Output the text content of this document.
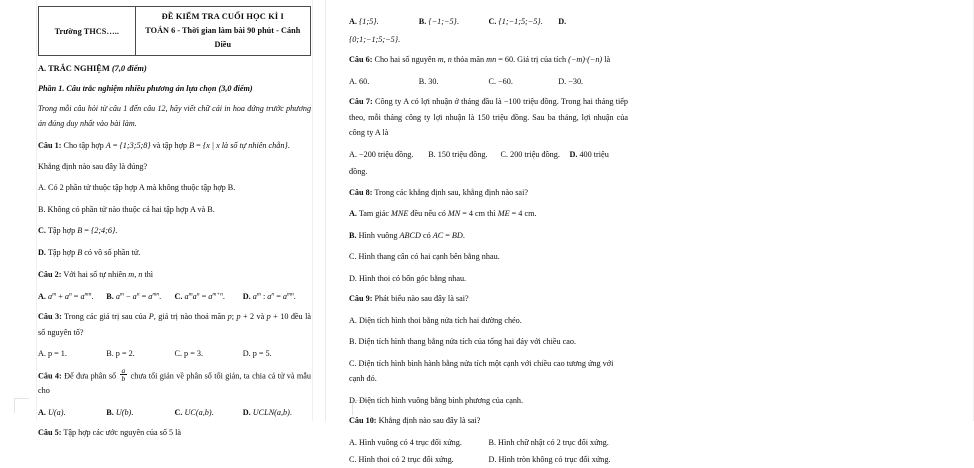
Trường THCS…..	
ĐỀ KIỂM TRA CUỐI HỌC KÌ I
TOÁN 6 - Thời gian làm bài 90 phút - Cánh Diều
A. TRẮC NGHIỆM (7,0 điểm)
Phần 1. Câu trắc nghiệm nhiều phương án lựa chọn (3,0 điểm)
Trong mỗi câu hỏi từ câu 1 đến câu 12, hãy viết chữ cái in hoa đứng trước phương án đúng duy nhất vào bài làm.
Câu 1: Cho tập hợp A = {1;3;5;8} và tập hợp B = {x | x là số tự nhiên chẵn}.
Khẳng định nào sau đây là đúng?
A. Có 2 phần tử thuộc tập hợp A mà không thuộc tập hợp B.
B. Không có phần tử nào thuộc cả hai tập hợp A và B.
C. Tập hợp B = {2;4;6}.
D. Tập hợp B có vô số phần tử.
Câu 2: Với hai số tự nhiên m, n thì
A. $a^m + a^n = a^{mn}$.	B. $a^m - a^n = a^{mn}$.	C. $a^ma^n = a^{m+n}$.	D. $a^m$ : $a^n = a^{mn}$.
Câu 3: Trong các giá trị sau của P, giá trị nào thoả mãn p; p + 2 và p + 10 đều là số nguyên tố?
A. p = 1.	B. p = 2.	C. p = 3.	D. p = 5.
Câu 4: Để đưa phân số $\frac{a}{b}$ chưa tối giản về phân số tối giản, ta chia cả tử và mẫu cho
A. U(a).	B. U(b).	C. UC(a,b).	D. UCLN(a,b).
Câu 5: Tập hợp các ước nguyên của số 5 là
A. {1;5}.	B. {−1;−5}.	C. {1;−1;5;−5}.	D.
{0;1;−1;5;−5}.
Câu 6: Cho hai số nguyên m, n thỏa mãn mn = 60. Giá trị của tích (−m)·(−n) là
A. 60.	B. 30.	C. −60.	D. −30.
Câu 7: Công ty A có lợi nhuận ở tháng đầu là −100 triệu đồng. Trong hai tháng tiếp theo, mỗi tháng công ty lợi nhuận là 150 triệu đồng. Sau ba tháng, lợi nhuận của công ty A là
A. −200 triệu đồng.	B. 150 triệu đồng.	C. 200 triệu đồng.	D. 400 triệu
đồng.
Câu 8: Trong các khẳng định sau, khẳng định nào sai?
A. Tam giác MNE đều nếu có MN = 4 cm thì ME = 4 cm.
B. Hình vuông ABCD có AC = BD.
C. Hình thang cân có hai cạnh bên bằng nhau.
D. Hình thoi có bốn góc bằng nhau.
Câu 9: Phát biểu nào sau đây là sai?
A. Diện tích hình thoi bằng nửa tích hai đường chéo.
B. Diện tích hình thang bằng nửa tích của tổng hai đáy với chiều cao.
C. Diện tích hình bình hành bằng nửa tích một cạnh với chiều cao tương ứng với cạnh đó.
D. Diện tích hình vuông bằng bình phương của cạnh.
Câu 10: Khẳng định nào sau đây là sai?
A. Hình vuông có 4 trục đối xứng.	B. Hình chữ nhật có 2 trục đối xứng.
C. Hình thoi có 2 trục đối xứng.	D. Hình tròn không có trục đối xứng.
